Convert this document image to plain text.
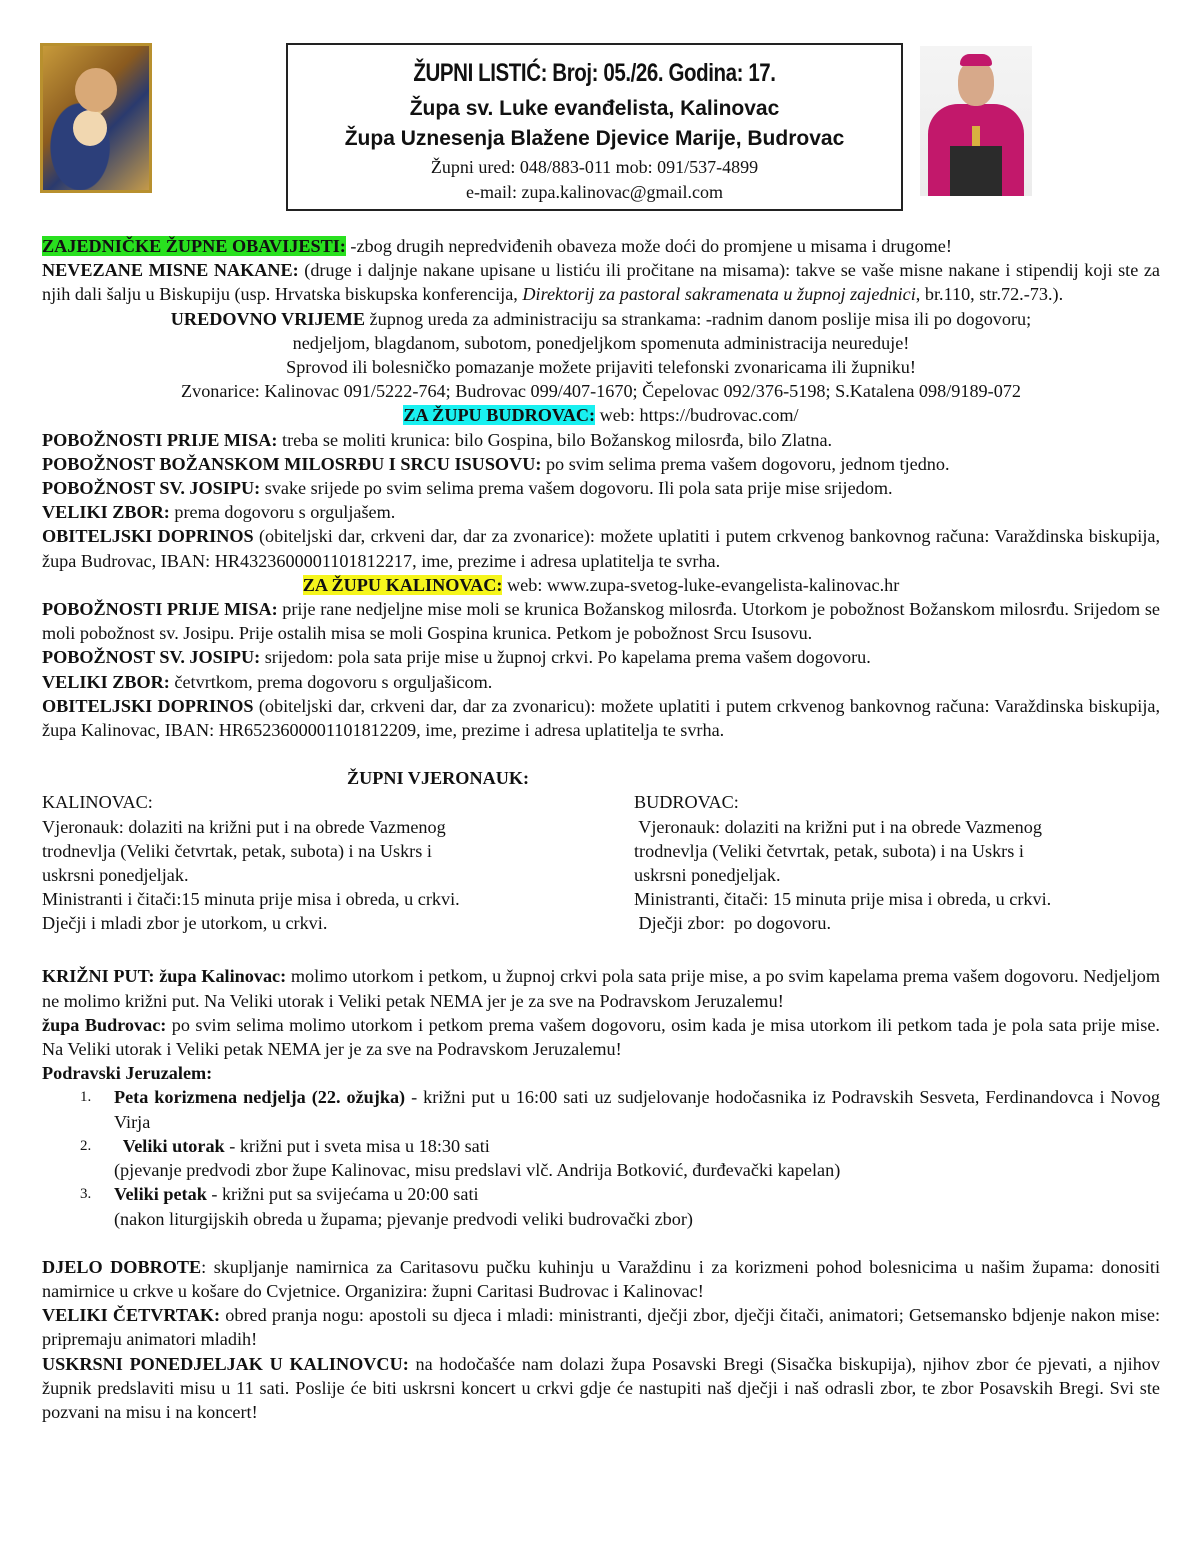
ŽUPNI LISTIĆ: Broj: 05./26. Godina: 17.
Župa sv. Luke evanđelista, Kalinovac
Župa Uznesenja Blažene Djevice Marije, Budrovac
Župni ured: 048/883-011 mob: 091/537-4899
e-mail: zupa.kalinovac@gmail.com

ZAJEDNIČKE ŽUPNE OBAVIJESTI: -zbog drugih nepredviđenih obaveza može doći do promjene u misama i drugome!

NEVEZANE MISNE NAKANE: (druge i daljnje nakane upisane u listiću ili pročitane na misama): takve se vaše misne nakane i stipendij koji ste za njih dali šalju u Biskupiju (usp. Hrvatska biskupska konferencija, Direktorij za pastoral sakramenata u župnoj zajednici, br.110, str.72.-73.).

UREDOVNO VRIJEME župnog ureda za administraciju sa strankama: -radnim danom poslije misa ili po dogovoru;

nedjeljom, blagdanom, subotom, ponedjeljkom spomenuta administracija neureduje!

Sprovod ili bolesničko pomazanje možete prijaviti telefonski zvonaricama ili župniku!

Zvonarice: Kalinovac 091/5222-764; Budrovac 099/407-1670; Čepelovac 092/376-5198; S.Katalena 098/9189-072

ZA ŽUPU BUDROVAC: web: https://budrovac.com/

POBOŽNOSTI PRIJE MISA: treba se moliti krunica: bilo Gospina, bilo Božanskog milosrđa, bilo Zlatna.

POBOŽNOST BOŽANSKOM MILOSRĐU I SRCU ISUSOVU: po svim selima prema vašem dogovoru, jednom tjedno.

POBOŽNOST SV. JOSIPU: svake srijede po svim selima prema vašem dogovoru. Ili pola sata prije mise srijedom.

VELIKI ZBOR: prema dogovoru s orguljašem.

OBITELJSKI DOPRINOS (obiteljski dar, crkveni dar, dar za zvonarice): možete uplatiti i putem crkvenog bankovnog računa: Varaždinska biskupija, župa Budrovac, IBAN: HR4323600001101812217, ime, prezime i adresa uplatitelja te svrha.

ZA ŽUPU KALINOVAC: web: www.zupa-svetog-luke-evangelista-kalinovac.hr

POBOŽNOSTI PRIJE MISA: prije rane nedjeljne mise moli se krunica Božanskog milosrđa. Utorkom je pobožnost Božanskom milosrđu. Srijedom se moli pobožnost sv. Josipu. Prije ostalih misa se moli Gospina krunica. Petkom je pobožnost Srcu Isusovu.

POBOŽNOST SV. JOSIPU: srijedom: pola sata prije mise u župnoj crkvi. Po kapelama prema vašem dogovoru.

VELIKI ZBOR: četvrtkom, prema dogovoru s orguljašicom.

OBITELJSKI DOPRINOS (obiteljski dar, crkveni dar, dar za zvonaricu): možete uplatiti i putem crkvenog bankovnog računa: Varaždinska biskupija, župa Kalinovac, IBAN: HR6523600001101812209, ime, prezime i adresa uplatitelja te svrha.

ŽUPNI VJERONAUK:

KALINOVAC:
Vjeronauk: dolaziti na križni put i na obrede Vazmenog
trodnevlja (Veliki četvrtak, petak, subota) i na Uskrs i
uskrsni ponedjeljak.
Ministranti i čitači:15 minuta prije misa i obreda, u crkvi.
Dječji i mladi zbor je utorkom, u crkvi.
BUDROVAC:
Vjeronauk: dolaziti na križni put i na obrede Vazmenog
trodnevlja (Veliki četvrtak, petak, subota) i na Uskrs i
uskrsni ponedjeljak.
Ministranti, čitači: 15 minuta prije misa i obreda, u crkvi.
Dječji zbor:  po dogovoru.

KRIŽNI PUT: župa Kalinovac: molimo utorkom i petkom, u župnoj crkvi pola sata prije mise, a po svim kapelama prema vašem dogovoru. Nedjeljom ne molimo križni put. Na Veliki utorak i Veliki petak NEMA jer je za sve na Podravskom Jeruzalemu!

župa Budrovac: po svim selima molimo utorkom i petkom prema vašem dogovoru, osim kada je misa utorkom ili petkom tada je pola sata prije mise. Na Veliki utorak i Veliki petak NEMA jer je za sve na Podravskom Jeruzalemu!

Podravski Jeruzalem:

1. Peta korizmena nedjelja (22. ožujka) - križni put u 16:00 sati uz sudjelovanje hodočasnika iz Podravskih Sesveta, Ferdinandovca i Novog Virja
2. Veliki utorak - križni put i sveta misa u 18:30 sati
(pjevanje predvodi zbor župe Kalinovac, misu predslavi vlč. Andrija Botković, đurđevački kapelan)
3. Veliki petak - križni put sa svijećama u 20:00 sati
(nakon liturgijskih obreda u župama; pjevanje predvodi veliki budrovački zbor)

DJELO DOBROTE: skupljanje namirnica za Caritasovu pučku kuhinju u Varaždinu i za korizmeni pohod bolesnicima u našim župama: donositi namirnice u crkve u košare do Cvjetnice. Organizira: župni Caritasi Budrovac i Kalinovac!

VELIKI ČETVRTAK: obred pranja nogu: apostoli su djeca i mladi: ministranti, dječji zbor, dječji čitači, animatori; Getsemansko bdjenje nakon mise: pripremaju animatori mladih!

USKRSNI PONEDJELJAK U KALINOVCU: na hodočašće nam dolazi župa Posavski Bregi (Sisačka biskupija), njihov zbor će pjevati, a njihov župnik predslaviti misu u 11 sati. Poslije će biti uskrsni koncert u crkvi gdje će nastupiti naš dječji i naš odrasli zbor, te zbor Posavskih Bregi. Svi ste pozvani na misu i na koncert!
